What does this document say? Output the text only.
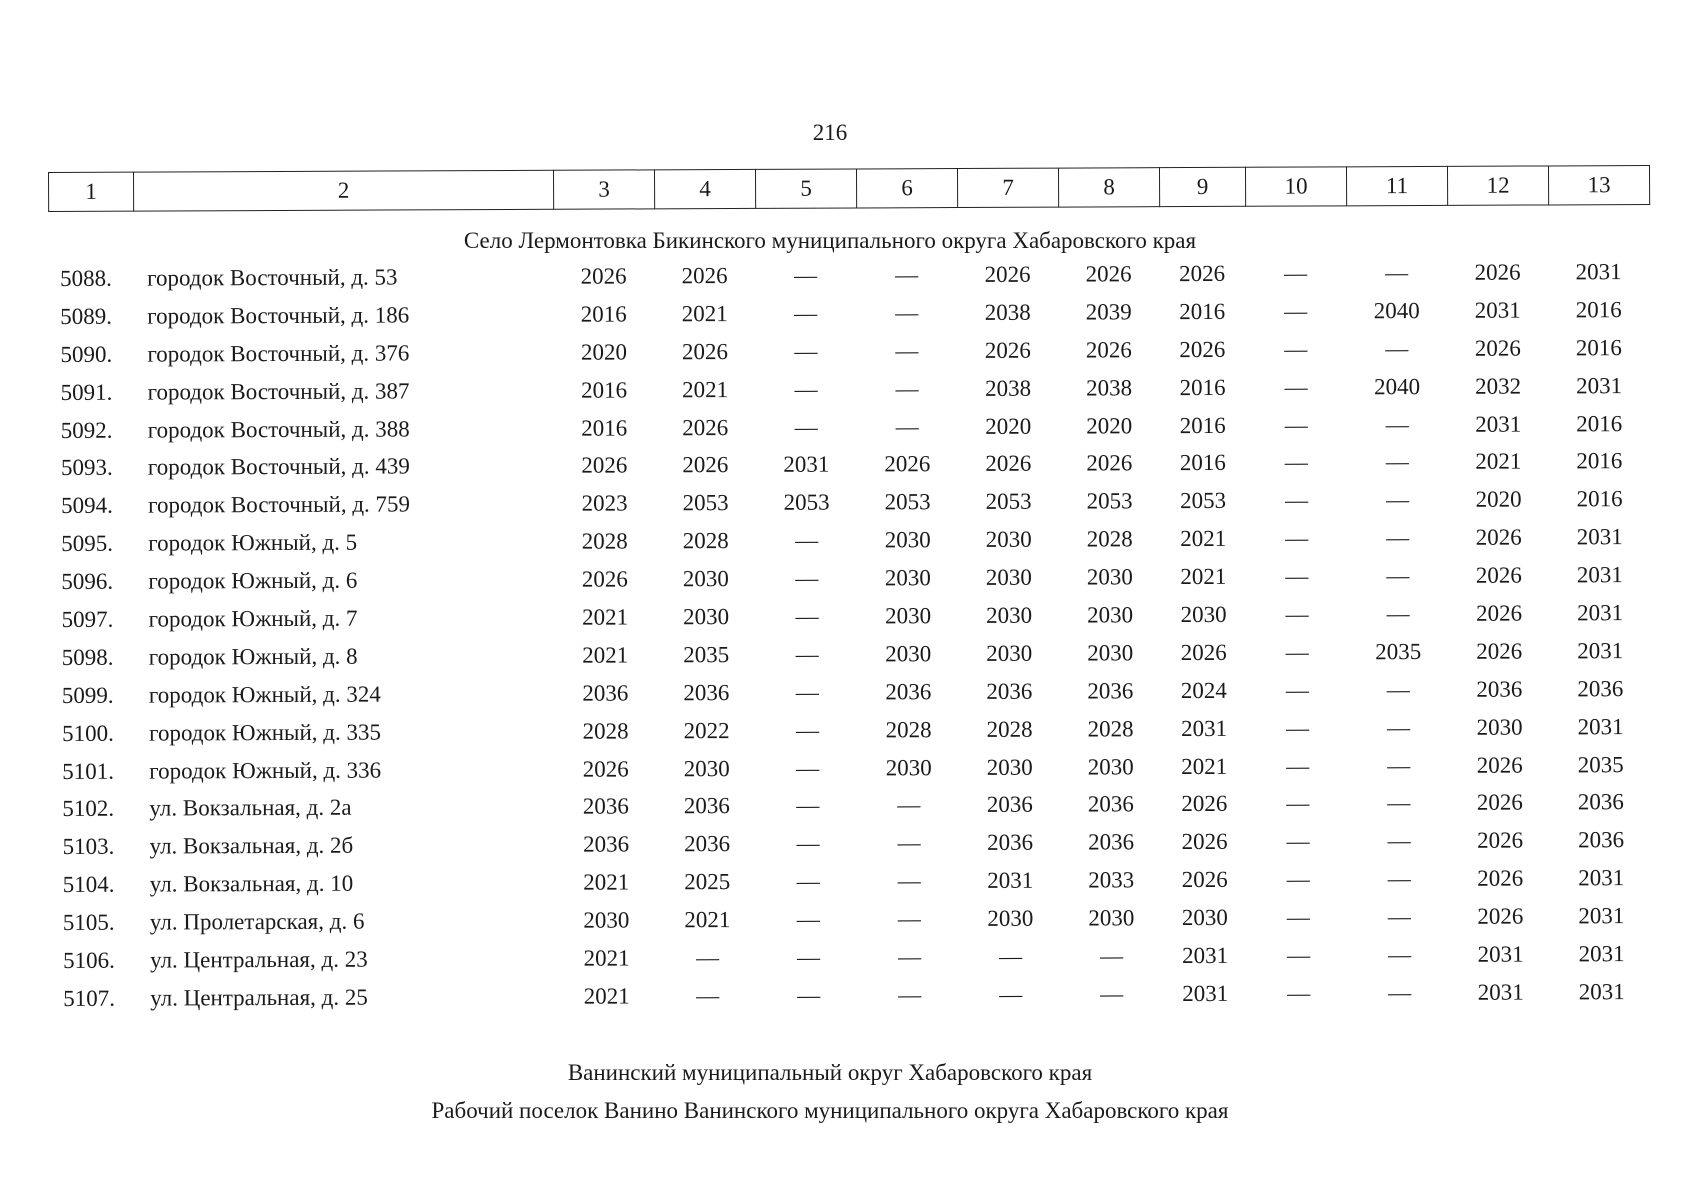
216
1	2	3	4	5	6	7	8	9	10	11	12	13
Село Лермонтовка Бикинского муниципального округа Хабаровского края
5088.	городок Восточный, д. 53	2026	2026	—	—	2026	2026	2026	—	—	2026	2031
5089.	городок Восточный, д. 186	2016	2021	—	—	2038	2039	2016	—	2040	2031	2016
5090.	городок Восточный, д. 376	2020	2026	—	—	2026	2026	2026	—	—	2026	2016
5091.	городок Восточный, д. 387	2016	2021	—	—	2038	2038	2016	—	2040	2032	2031
5092.	городок Восточный, д. 388	2016	2026	—	—	2020	2020	2016	—	—	2031	2016
5093.	городок Восточный, д. 439	2026	2026	2031	2026	2026	2026	2016	—	—	2021	2016
5094.	городок Восточный, д. 759	2023	2053	2053	2053	2053	2053	2053	—	—	2020	2016
5095.	городок Южный, д. 5	2028	2028	—	2030	2030	2028	2021	—	—	2026	2031
5096.	городок Южный, д. 6	2026	2030	—	2030	2030	2030	2021	—	—	2026	2031
5097.	городок Южный, д. 7	2021	2030	—	2030	2030	2030	2030	—	—	2026	2031
5098.	городок Южный, д. 8	2021	2035	—	2030	2030	2030	2026	—	2035	2026	2031
5099.	городок Южный, д. 324	2036	2036	—	2036	2036	2036	2024	—	—	2036	2036
5100.	городок Южный, д. 335	2028	2022	—	2028	2028	2028	2031	—	—	2030	2031
5101.	городок Южный, д. 336	2026	2030	—	2030	2030	2030	2021	—	—	2026	2035
5102.	ул. Вокзальная, д. 2а	2036	2036	—	—	2036	2036	2026	—	—	2026	2036
5103.	ул. Вокзальная, д. 2б	2036	2036	—	—	2036	2036	2026	—	—	2026	2036
5104.	ул. Вокзальная, д. 10	2021	2025	—	—	2031	2033	2026	—	—	2026	2031
5105.	ул. Пролетарская, д. 6	2030	2021	—	—	2030	2030	2030	—	—	2026	2031
5106.	ул. Центральная, д. 23	2021	—	—	—	—	—	2031	—	—	2031	2031
5107.	ул. Центральная, д. 25	2021	—	—	—	—	—	2031	—	—	2031	2031
Ванинский муниципальный округ Хабаровского края
Рабочий поселок Ванино Ванинского муниципального округа Хабаровского края
